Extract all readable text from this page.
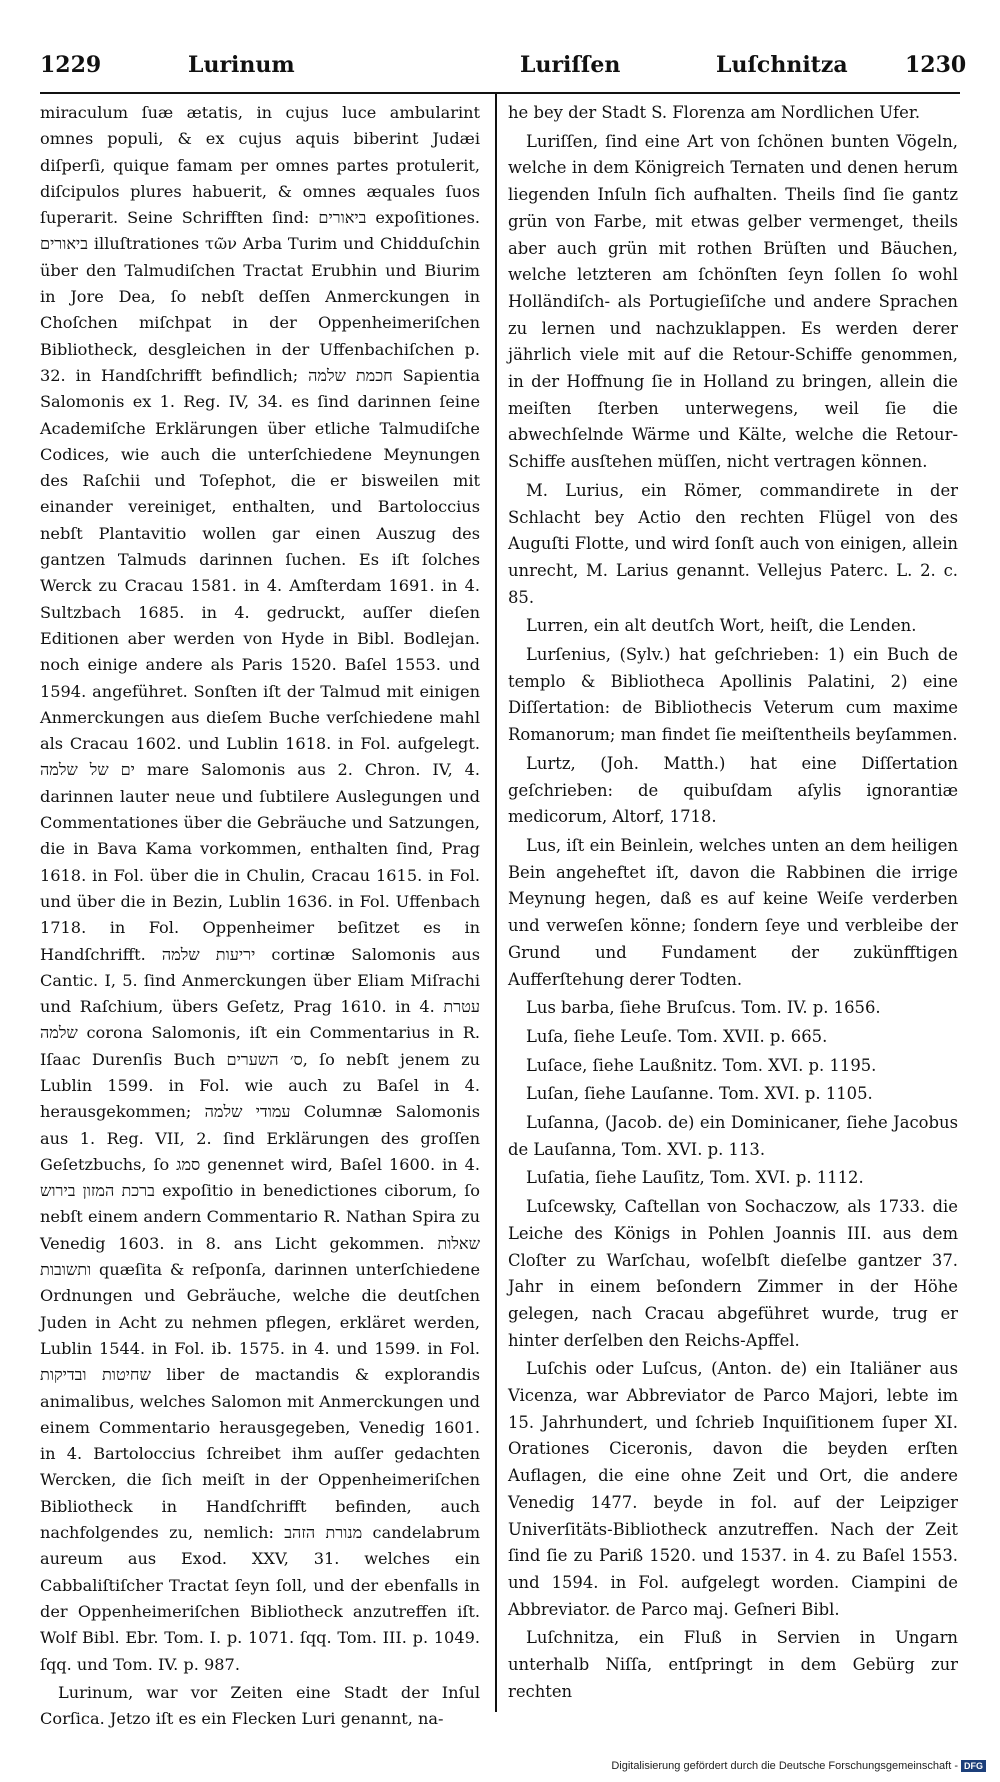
1229	Lurinum	Luriſſen	Luſchnitza	1230

miraculum ſuæ ætatis, in cujus luce ambularint omnes populi, & ex cujus aquis biberint Judæi diſperſi, quique famam per omnes partes protulerit, diſcipulos plures habuerit, & omnes æquales ſuos ſuperarit. Seine Schrifften ſind: ביאורים expoſitiones. ביאורים illuſtrationes τῶν Arba Turim und Chidduſchin über den Talmudiſchen Tractat Erubhin und Biurim in Jore Dea, ſo nebſt deſſen Anmerckungen in Choſchen miſchpat in der Oppenheimeriſchen Bibliotheck, desgleichen in der Uffenbachiſchen p. 32. in Handſchrifft befindlich; חכמת שלמה Sapientia Salomonis ex 1. Reg. IV, 34. es ſind darinnen ſeine Academiſche Erklärungen über etliche Talmudiſche Codices, wie auch die unterſchiedene Meynungen des Raſchii und Toſephot, die er bisweilen mit einander vereiniget, enthalten, und Bartoloccius nebſt Plantavitio wollen gar einen Auszug des gantzen Talmuds darinnen ſuchen. Es iſt ſolches Werck zu Cracau 1581. in 4. Amſterdam 1691. in 4. Sultzbach 1685. in 4. gedruckt, auſſer dieſen Editionen aber werden von Hyde in Bibl. Bodlejan. noch einige andere als Paris 1520. Baſel 1553. und 1594. angeführet. Sonſten iſt der Talmud mit einigen Anmerckungen aus dieſem Buche verſchiedene mahl als Cracau 1602. und Lublin 1618. in Fol. aufgelegt. ים של שלמה mare Salomonis aus 2. Chron. IV, 4. darinnen lauter neue und ſubtilere Auslegungen und Commentationes über die Gebräuche und Satzungen, die in Bava Kama vorkommen, enthalten ſind, Prag 1618. in Fol. über die in Chulin, Cracau 1615. in Fol. und über die in Bezin, Lublin 1636. in Fol. Uffenbach 1718. in Fol. Oppenheimer beſitzet es in Handſchrifft. יריעות שלמה cortinæ Salomonis aus Cantic. I, 5. ſind Anmerckungen über Eliam Miſrachi und Raſchium, übers Geſetz, Prag 1610. in 4. עטרת שלמה corona Salomonis, iſt ein Commentarius in R. Iſaac Durenſis Buch ס׳ השערים, ſo nebſt jenem zu Lublin 1599. in Fol. wie auch zu Baſel in 4. herausgekommen; עמודי שלמה Columnæ Salomonis aus 1. Reg. VII, 2. ſind Erklärungen des groſſen Geſetzbuchs, ſo סמג genennet wird, Baſel 1600. in 4. ברכת המזון בירוש expoſitio in benedictiones ciborum, ſo nebſt einem andern Commentario R. Nathan Spira zu Venedig 1603. in 8. ans Licht gekommen. שאלות ותשובות quæſita & reſponſa, darinnen unterſchiedene Ordnungen und Gebräuche, welche die deutſchen Juden in Acht zu nehmen pflegen, erkläret werden, Lublin 1544. in Fol. ib. 1575. in 4. und 1599. in Fol. שחיטות ובדיקות liber de mactandis & explorandis animalibus, welches Salomon mit Anmerckungen und einem Commentario herausgegeben, Venedig 1601. in 4. Bartoloccius ſchreibet ihm auſſer gedachten Wercken, die ſich meiſt in der Oppenheimeriſchen Bibliotheck in Handſchrifft befinden, auch nachfolgendes zu, nemlich: מנורת הזהב candelabrum aureum aus Exod. XXV, 31. welches ein Cabbaliſtiſcher Tractat ſeyn ſoll, und der ebenfalls in der Oppenheimeriſchen Bibliotheck anzutreffen iſt. Wolf Bibl. Ebr. Tom. I. p. 1071. ſqq. Tom. III. p. 1049. ſqq. und Tom. IV. p. 987.

Lurinum, war vor Zeiten eine Stadt der Inſul Corſica. Jetzo iſt es ein Flecken Luri genannt, na-

he bey der Stadt S. Florenza am Nordlichen Ufer.

Luriſſen, ſind eine Art von ſchönen bunten Vögeln, welche in dem Königreich Ternaten und denen herum liegenden Inſuln ſich aufhalten. Theils ſind ſie gantz grün von Farbe, mit etwas gelber vermenget, theils aber auch grün mit rothen Brüſten und Bäuchen, welche letzteren am ſchönſten ſeyn ſollen ſo wohl Holländiſch- als Portugieſiſche und andere Sprachen zu lernen und nachzuklappen. Es werden derer jährlich viele mit auf die Retour-Schiffe genommen, in der Hoffnung ſie in Holland zu bringen, allein die meiſten ſterben unterwegens, weil ſie die abwechſelnde Wärme und Kälte, welche die Retour-Schiffe ausſtehen müſſen, nicht vertragen können.

M. Lurius, ein Römer, commandirete in der Schlacht bey Actio den rechten Flügel von des Auguſti Flotte, und wird ſonſt auch von einigen, allein unrecht, M. Larius genannt. Vellejus Paterc. L. 2. c. 85.

Lurren, ein alt deutſch Wort, heiſt, die Lenden.

Lurſenius, (Sylv.) hat geſchrieben: 1) ein Buch de templo & Bibliotheca Apollinis Palatini, 2) eine Diſſertation: de Bibliothecis Veterum cum maxime Romanorum; man findet ſie meiſtentheils beyſammen.

Lurtz, (Joh. Matth.) hat eine Diſſertation geſchrieben: de quibuſdam aſylis ignorantiæ medicorum, Altorf, 1718.

Lus, iſt ein Beinlein, welches unten an dem heiligen Bein angeheftet iſt, davon die Rabbinen die irrige Meynung hegen, daß es auf keine Weiſe verderben und verweſen könne; ſondern ſeye und verbleibe der Grund und Fundament der zukünfftigen Aufferſtehung derer Todten.

Lus barba, ſiehe Bruſcus. Tom. IV. p. 1656.

Luſa, ſiehe Leuſe. Tom. XVII. p. 665.

Luſace, ſiehe Laußnitz. Tom. XVI. p. 1195.

Luſan, ſiehe Lauſanne. Tom. XVI. p. 1105.

Luſanna, (Jacob. de) ein Dominicaner, ſiehe Jacobus de Lauſanna, Tom. XVI. p. 113.

Luſatia, ſiehe Lauſitz, Tom. XVI. p. 1112.

Luſcewsky, Caſtellan von Sochaczow, als 1733. die Leiche des Königs in Pohlen Joannis III. aus dem Cloſter zu Warſchau, woſelbſt dieſelbe gantzer 37. Jahr in einem beſondern Zimmer in der Höhe gelegen, nach Cracau abgeführet wurde, trug er hinter derſelben den Reichs-Apffel.

Luſchis oder Luſcus, (Anton. de) ein Italiäner aus Vicenza, war Abbreviator de Parco Majori, lebte im 15. Jahrhundert, und ſchrieb Inquiſitionem ſuper XI. Orationes Ciceronis, davon die beyden erſten Auflagen, die eine ohne Zeit und Ort, die andere Venedig 1477. beyde in fol. auf der Leipziger Univerſitäts-Bibliotheck anzutreffen. Nach der Zeit ſind ſie zu Pariß 1520. und 1537. in 4. zu Baſel 1553. und 1594. in Fol. aufgelegt worden. Ciampini de Abbreviator. de Parco maj. Geſneri Bibl.

Luſchnitza, ein Fluß in Servien in Ungarn unterhalb Niſſa, entſpringt in dem Gebürg zur rechten

Digitalisierung gefördert durch die Deutsche Forschungsgemeinschaft - DFG
